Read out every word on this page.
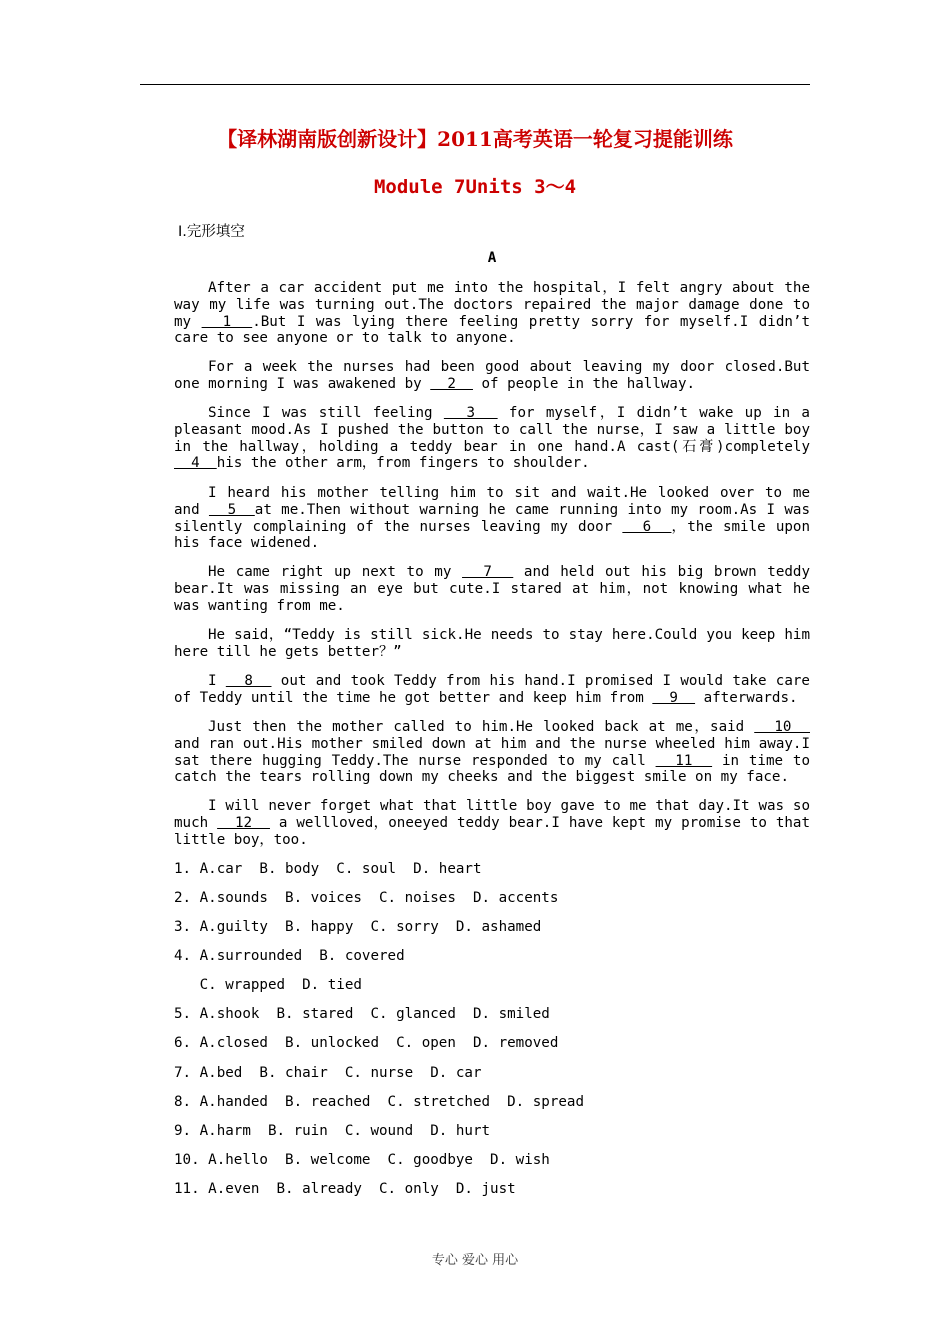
【译林湖南版创新设计】2011高考英语一轮复习提能训练
Module 7Units 3～4
Ⅰ.完形填空
A

After a car accident put me into the hospital，I felt angry about the way my life was turning out.The doctors repaired the major damage done to my   1  .But I was lying there feeling pretty sorry for myself.I didn’t care to see anyone or to talk to anyone.

For a week the nurses had been good about leaving my door closed.But one morning I was awakened by   2   of people in the hallway.

Since I was still feeling   3   for myself，I didn’t wake up in a pleasant mood.As I pushed the button to call the nurse，I saw a little boy in the hallway，holding a teddy bear in one hand.A cast(石膏)completely   4  his the other arm，from fingers to shoulder.

I heard his mother telling him to sit and wait.He looked over to me and   5  at me.Then without warning he came running into my room.As I was silently complaining of the nurses leaving my door   6  ，the smile upon his face widened.

He came right up next to my   7   and held out his big brown teddy bear.It was missing an eye but cute.I stared at him，not knowing what he was wanting from me.

He said，“Teddy is still sick.He needs to stay here.Could you keep him here till he gets better？”

I   8   out and took Teddy from his hand.I promised I would take care of Teddy until the time he got better and keep him from   9   afterwards.

Just then the mother called to him.He looked back at me，said   10   and ran out.His mother smiled down at him and the nurse wheeled him away.I sat there hugging Teddy.The nurse responded to my call   11   in time to catch the tears rolling down my cheeks and the biggest smile on my face.

I will never forget what that little boy gave to me that day.It was so much   12   a wellloved，oneeyed teddy bear.I have kept my promise to that little boy，too.

1. A.car  B. body  C. soul  D. heart
2. A.sounds  B. voices  C. noises  D. accents
3. A.guilty  B. happy  C. sorry  D. ashamed
4. A.surrounded  B. covered
C. wrapped  D. tied
5. A.shook  B. stared  C. glanced  D. smiled
6. A.closed  B. unlocked  C. open  D. removed
7. A.bed  B. chair  C. nurse  D. car
8. A.handed  B. reached  C. stretched  D. spread
9. A.harm  B. ruin  C. wound  D. hurt
10. A.hello  B. welcome  C. goodbye  D. wish
11. A.even  B. already  C. only  D. just
专心 爱心 用心
